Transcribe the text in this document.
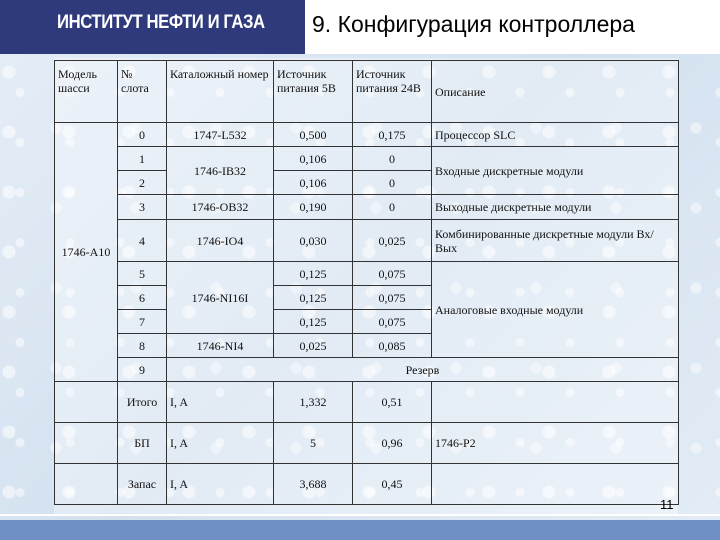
ИНСТИТУТ НЕФТИ И ГАЗА 9. Конфигурация контроллера
Модель шасси	№ слота	Каталожный номер	Источник питания 5В	Источник питания 24В	Описание
1746-A10	0	1747-L532	0,500	0,175	Процессор SLC
	1	1746-IB32	0,106	0	Входные дискретные модули
	2		0,106	0	
	3	1746-OB32	0,190	0	Выходные дискретные модули
	4	1746-IO4	0,030	0,025	Комбинированные дискретные модули Вх/Вых
	5	1746-NI16I	0,125	0,075	Аналоговые входные модули
	6		0,125	0,075	
	7		0,125	0,075	
	8	1746-NI4	0,025	0,085	
	9	Резерв			
	Итого	I, A	1,332	0,51	
	БП	I, A	5	0,96	1746-P2
	Запас	I, A	3,688	0,45	
11
